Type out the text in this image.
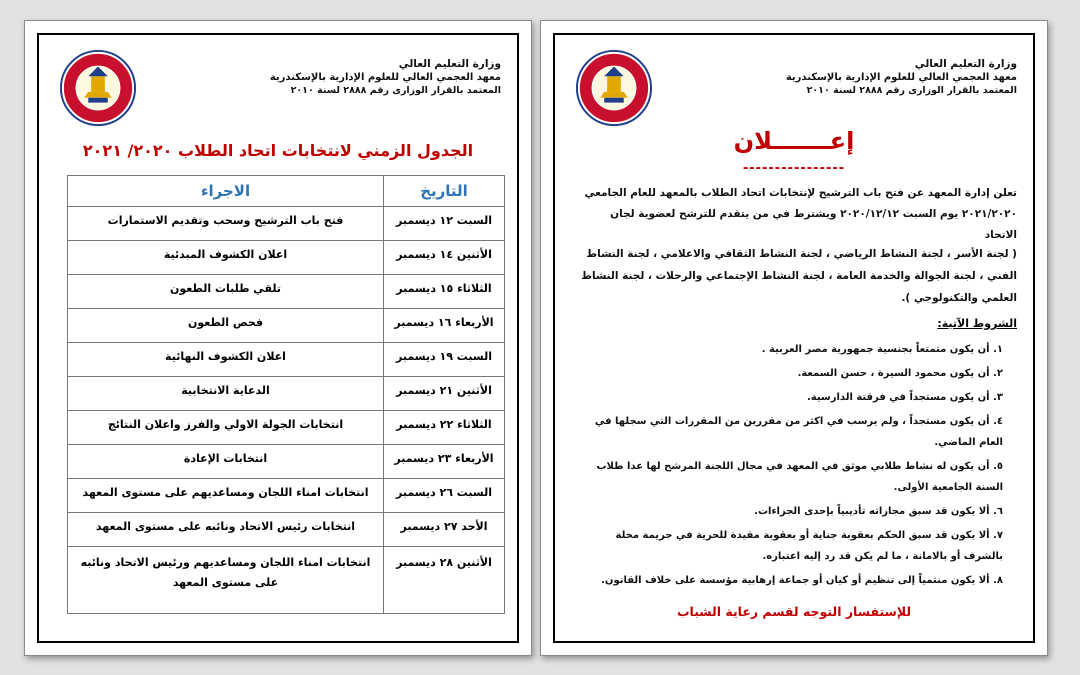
وزارة التعليم العالي
معهد العجمي العالي للعلوم الإدارية بالإسكندرية
المعتمد بالقرار الوزارى رقم ٢٨٨٨ لسنة ٢٠١٠
الجدول الزمني لانتخابات اتحاد الطلاب ٢٠٢٠/ ٢٠٢١
التاريخ	الاجراء
السبت ١٢ ديسمبر	فتح باب الترشيح وسحب وتقديم الاستمارات
الأثنين ١٤ ديسمبر	اعلان الكشوف المبدئية
الثلاثاء ١٥ ديسمبر	تلقي طلبات الطعون
الأربعاء ١٦ ديسمبر	فحص الطعون
السبت ١٩ ديسمبر	اعلان الكشوف النهائية
الأثنين ٢١ ديسمبر	الدعاية الانتخابية
الثلاثاء ٢٢ ديسمبر	انتخابات الجولة الاولي والفرز واعلان النتائج
الأربعاء ٢٣ ديسمبر	انتخابات الإعادة
السبت ٢٦ ديسمبر	انتخابات امناء اللجان ومساعديهم على مستوى المعهد
الأحد ٢٧ ديسمبر	انتخابات رئيس الاتحاد ونائبه على مستوى المعهد
الأثنين ٢٨ ديسمبر	انتخابات امناء اللجان ومساعديهم ورئيس الاتحاد ونائبه على مستوى المعهد
وزارة التعليم العالي
معهد العجمي العالي للعلوم الإدارية بالإسكندرية
المعتمد بالقرار الوزارى رقم ٢٨٨٨ لسنة ٢٠١٠
إعـــــــلان
----------------
تعلن إدارة المعهد عن فتح باب الترشيح لإنتخابات اتحاد الطلاب بالمعهد للعام الجامعي ٢٠٢١/٢٠٢٠ يوم السبت ٢٠٢٠/١٢/١٢ ويشترط في من يتقدم للترشح لعضوية لجان الاتحاد
( لجنة الأسر ، لجنة النشاط الرياضي ، لجنة النشاط الثقافي والاعلامي ، لجنة النشاط الفني ، لجنة الجوالة والخدمة العامة ، لجنة النشاط الإجتماعي والرحلات ، لجنة النشاط العلمي والتكنولوجي ).
الشروط الآتية:
١. أن يكون متمتعاً بجنسية جمهورية مصر العربية .
٢. أن يكون محمود السيرة ، حسن السمعة.
٣. أن يكون مستجداً في فرقتة الدارسية.
٤. أن يكون مستجداً ، ولم يرسب في اكثر من مقررين من المقررات التي سجلها في العام الماضي.
٥. أن يكون له نشاط طلابي موثق في المعهد في مجال اللجنة المرشح لها عدا طلاب السنة الجامعية الأولى.
٦. ألا يكون قد سبق مجازاته تأديبياً بإحدى الجزاءات.
٧. ألا يكون قد سبق الحكم بعقوبة جناية أو بعقوبة مقيدة للحرية في جريمة مخلة بالشرف أو بالامانة ، ما لم يكن قد رد إليه اعتباره.
٨. ألا يكون منتمياً إلى تنظيم أو كيان أو جماعة إرهابية مؤسسة على خلاف القانون.
للإستفسار التوجه لقسم رعاية الشباب
